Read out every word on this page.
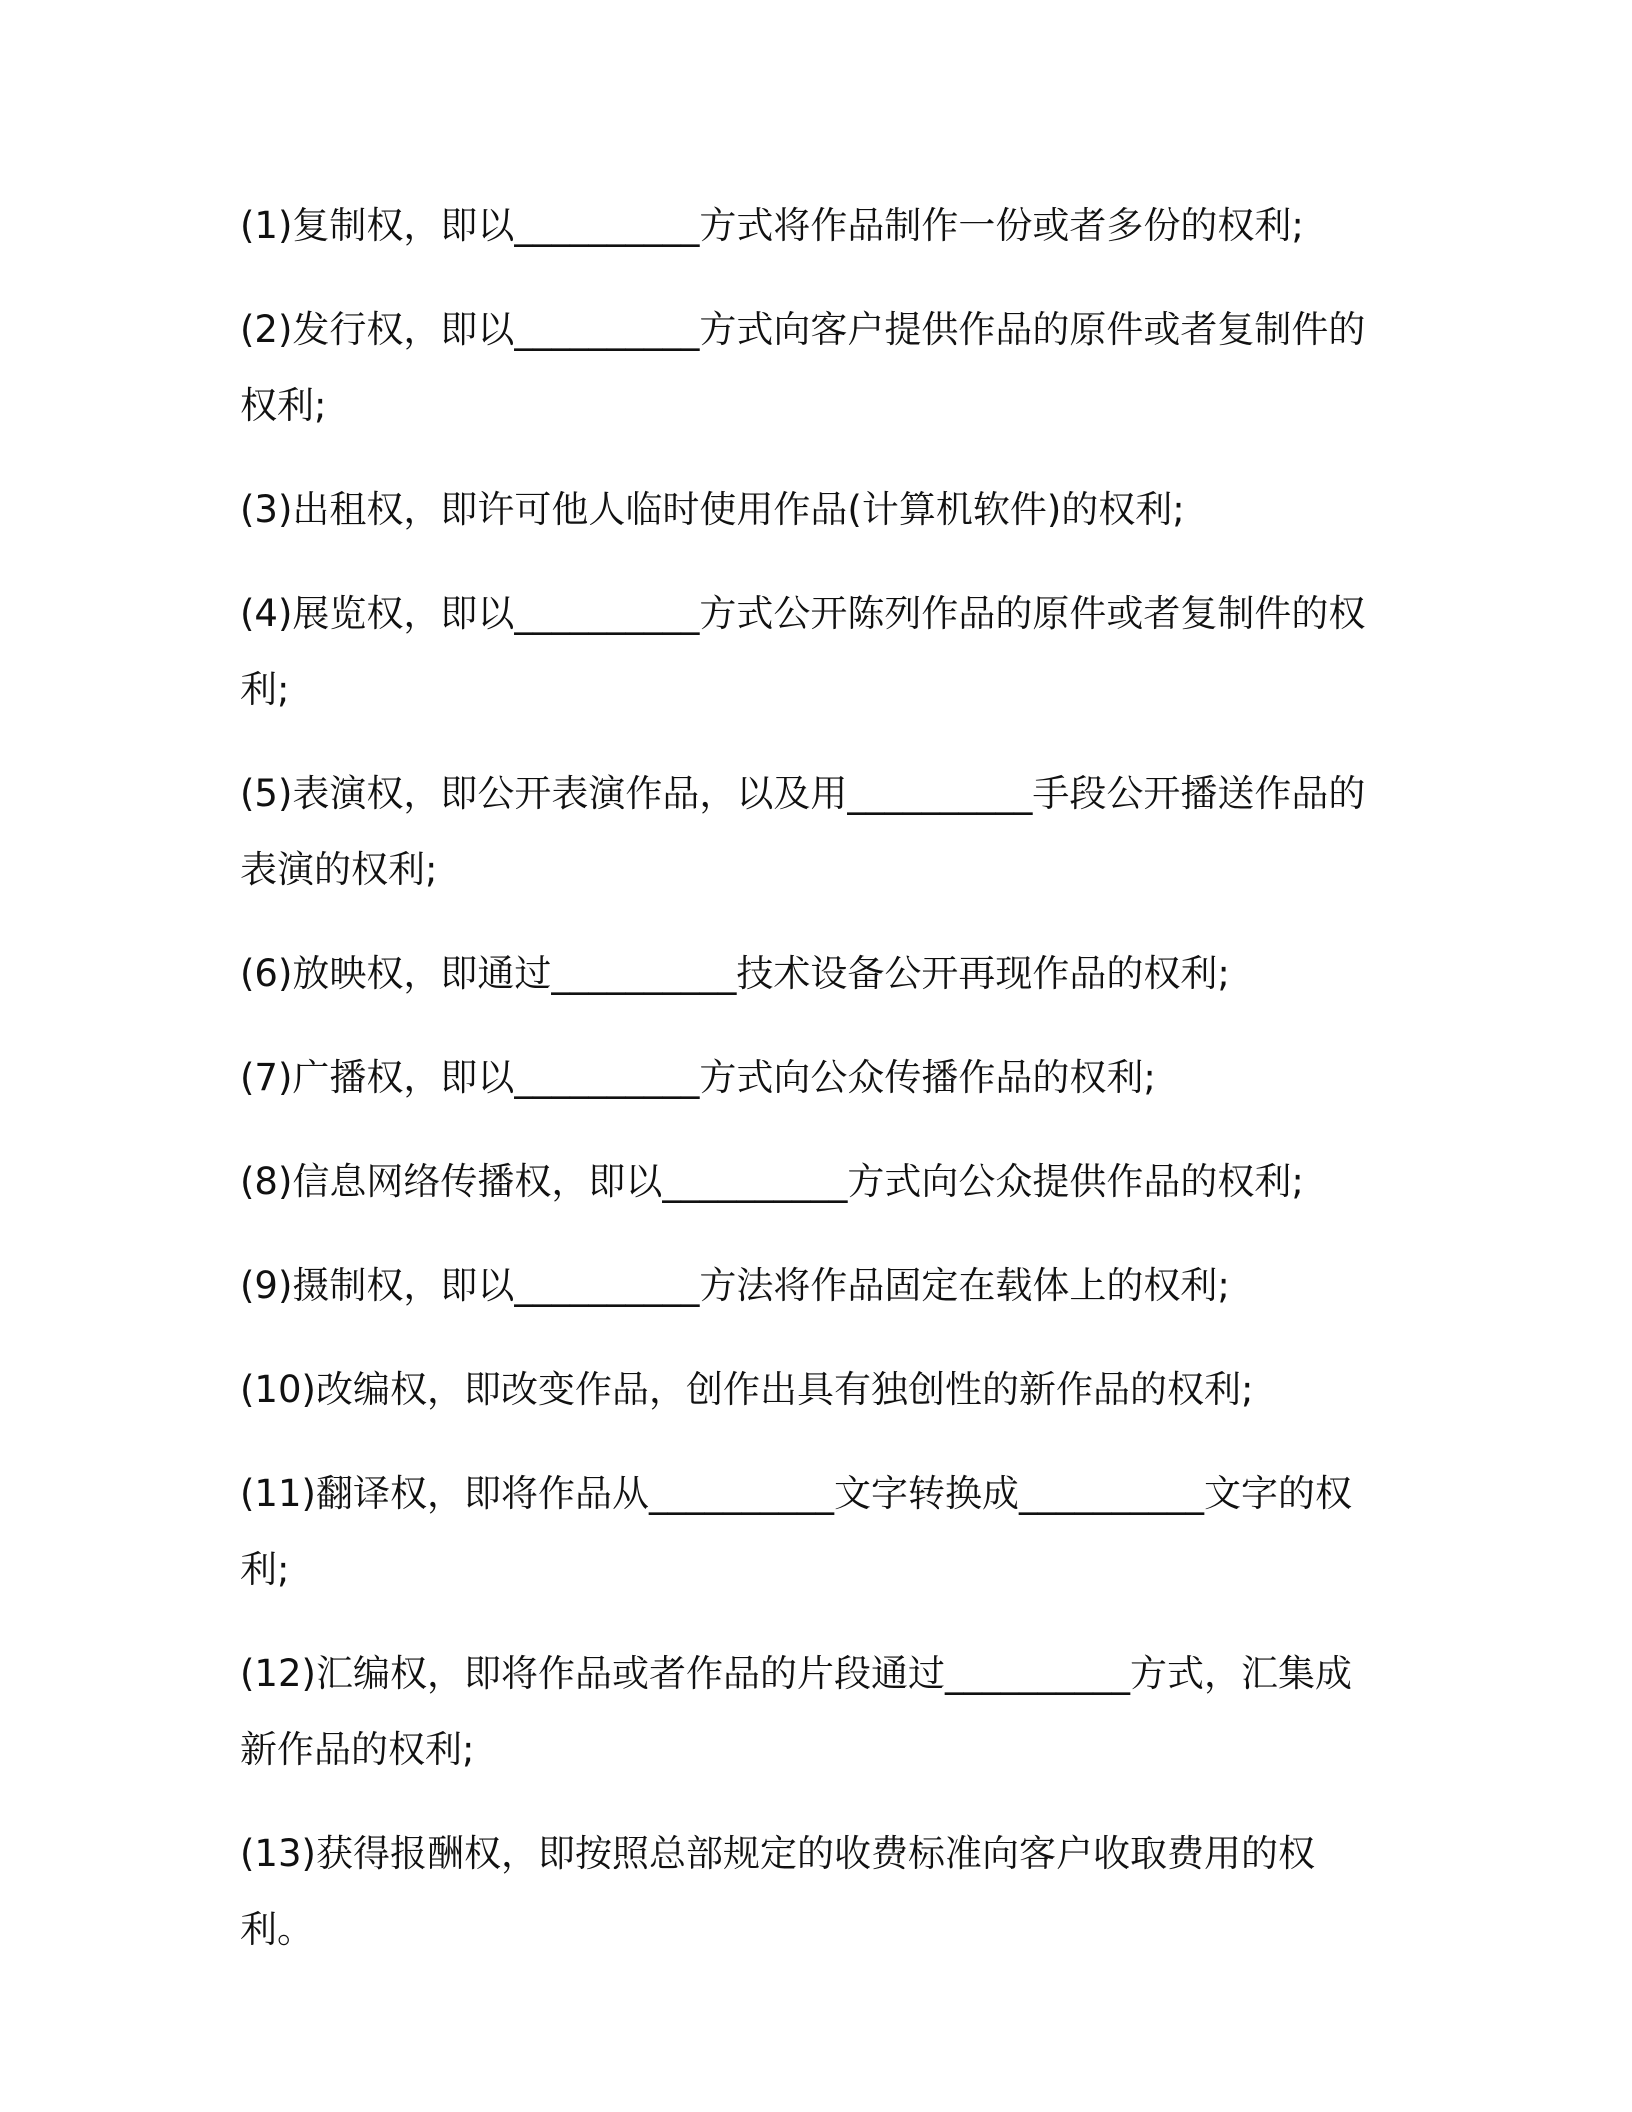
(1)复制权，即以__________方式将作品制作一份或者多份的权利;

(2)发行权，即以__________方式向客户提供作品的原件或者复制件的权利;

(3)出租权，即许可他人临时使用作品(计算机软件)的权利;

(4)展览权，即以__________方式公开陈列作品的原件或者复制件的权利;

(5)表演权，即公开表演作品，以及用__________手段公开播送作品的表演的权利;

(6)放映权，即通过__________技术设备公开再现作品的权利;

(7)广播权，即以__________方式向公众传播作品的权利;

(8)信息网络传播权，即以__________方式向公众提供作品的权利;

(9)摄制权，即以__________方法将作品固定在载体上的权利;

(10)改编权，即改变作品，创作出具有独创性的新作品的权利;

(11)翻译权，即将作品从__________文字转换成__________文字的权利;

(12)汇编权，即将作品或者作品的片段通过__________方式，汇集成新作品的权利;

(13)获得报酬权，即按照总部规定的收费标准向客户收取费用的权利。
